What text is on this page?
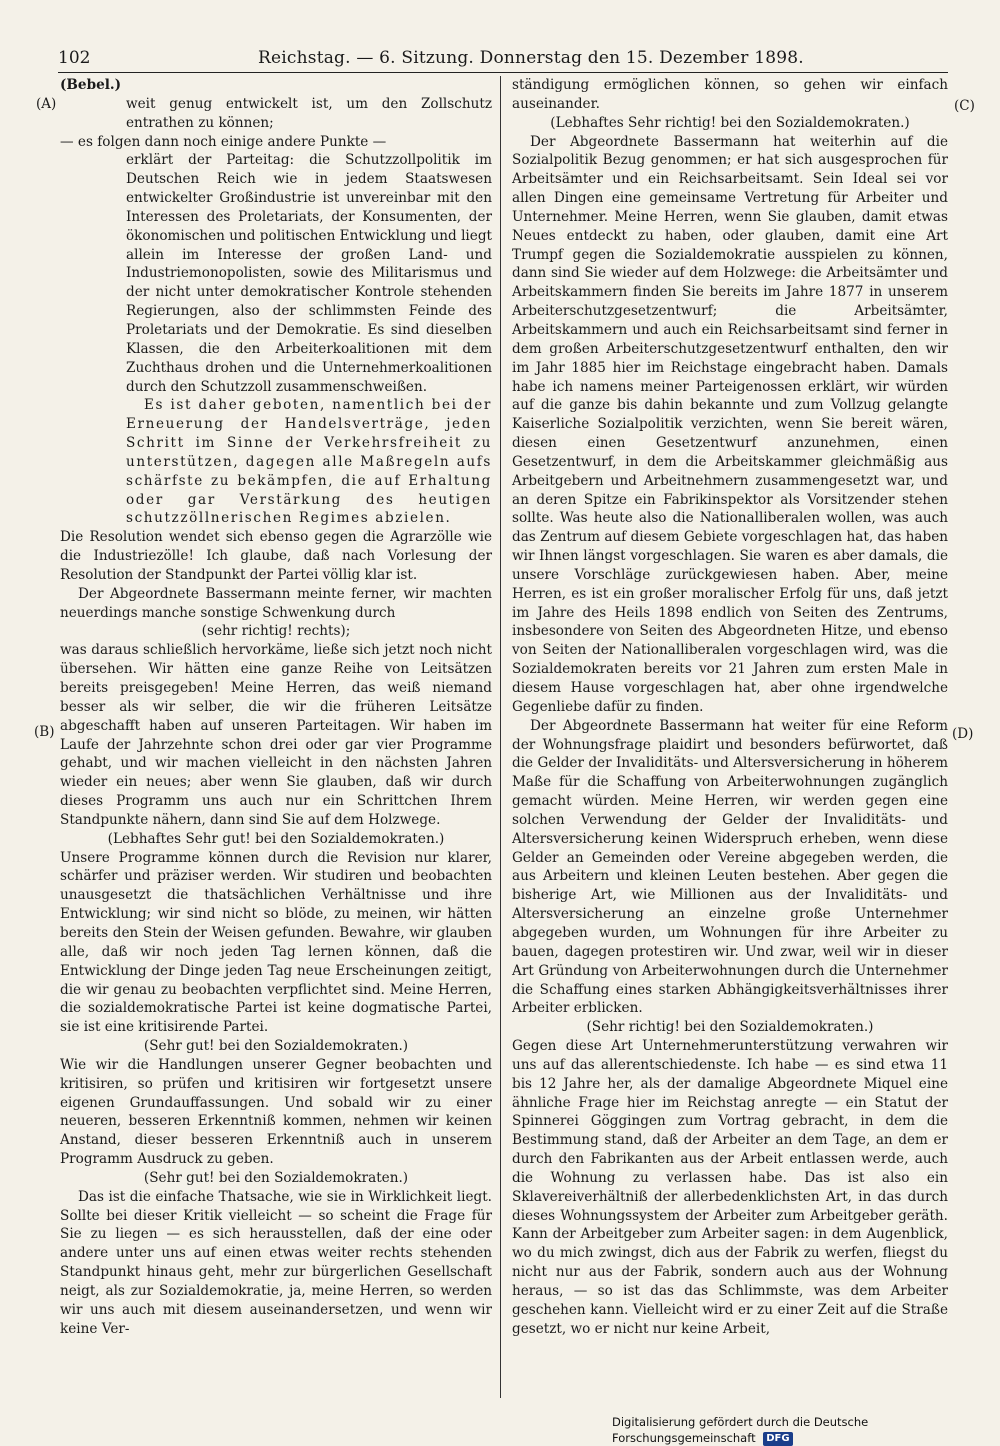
102	Reichstag. — 6. Sitzung. Donnerstag den 15. Dezember 1898.
(A)
(B)
(C)
(D)

(Bebel.)

weit genug entwickelt ist, um den Zollschutz entrathen zu können;

— es folgen dann noch einige andere Punkte —

erklärt der Parteitag: die Schutzzollpolitik im Deutschen Reich wie in jedem Staatswesen entwickelter Großindustrie ist unvereinbar mit den Interessen des Proletariats, der Konsumenten, der ökonomischen und politischen Entwicklung und liegt allein im Interesse der großen Land- und Industriemonopolisten, sowie des Militarismus und der nicht unter demokratischer Kontrole stehenden Regierungen, also der schlimmsten Feinde des Proletariats und der Demokratie. Es sind dieselben Klassen, die den Arbeiterkoalitionen mit dem Zuchthaus drohen und die Unternehmerkoalitionen durch den Schutzzoll zusammenschweißen.

Es ist daher geboten, namentlich bei der Erneuerung der Handelsverträge, jeden Schritt im Sinne der Verkehrsfreiheit zu unterstützen, dagegen alle Maßregeln aufs schärfste zu bekämpfen, die auf Erhaltung oder gar Verstärkung des heutigen schutzzöllnerischen Regimes abzielen.

Die Resolution wendet sich ebenso gegen die Agrarzölle wie die Industriezölle! Ich glaube, daß nach Vorlesung der Resolution der Standpunkt der Partei völlig klar ist.

Der Abgeordnete Bassermann meinte ferner, wir machten neuerdings manche sonstige Schwenkung durch

(sehr richtig! rechts);

was daraus schließlich hervorkäme, ließe sich jetzt noch nicht übersehen. Wir hätten eine ganze Reihe von Leitsätzen bereits preisgegeben! Meine Herren, das weiß niemand besser als wir selber, die wir die früheren Leitsätze abgeschafft haben auf unseren Parteitagen. Wir haben im Laufe der Jahrzehnte schon drei oder gar vier Programme gehabt, und wir machen vielleicht in den nächsten Jahren wieder ein neues; aber wenn Sie glauben, daß wir durch dieses Programm uns auch nur ein Schrittchen Ihrem Standpunkte nähern, dann sind Sie auf dem Holzwege.

(Lebhaftes Sehr gut! bei den Sozialdemokraten.)

Unsere Programme können durch die Revision nur klarer, schärfer und präziser werden. Wir studiren und beobachten unausgesetzt die thatsächlichen Verhältnisse und ihre Entwicklung; wir sind nicht so blöde, zu meinen, wir hätten bereits den Stein der Weisen gefunden. Bewahre, wir glauben alle, daß wir noch jeden Tag lernen können, daß die Entwicklung der Dinge jeden Tag neue Erscheinungen zeitigt, die wir genau zu beobachten verpflichtet sind. Meine Herren, die sozialdemokratische Partei ist keine dogmatische Partei, sie ist eine kritisirende Partei.

(Sehr gut! bei den Sozialdemokraten.)

Wie wir die Handlungen unserer Gegner beobachten und kritisiren, so prüfen und kritisiren wir fortgesetzt unsere eigenen Grundauffassungen. Und sobald wir zu einer neueren, besseren Erkenntniß kommen, nehmen wir keinen Anstand, dieser besseren Erkenntniß auch in unserem Programm Ausdruck zu geben.

(Sehr gut! bei den Sozialdemokraten.)

Das ist die einfache Thatsache, wie sie in Wirklichkeit liegt. Sollte bei dieser Kritik vielleicht — so scheint die Frage für Sie zu liegen — es sich herausstellen, daß der eine oder andere unter uns auf einen etwas weiter rechts stehenden Standpunkt hinaus geht, mehr zur bürgerlichen Gesellschaft neigt, als zur Sozialdemokratie, ja, meine Herren, so werden wir uns auch mit diesem auseinandersetzen, und wenn wir keine Ver-

ständigung ermöglichen können, so gehen wir einfach auseinander.

(Lebhaftes Sehr richtig! bei den Sozialdemokraten.)

Der Abgeordnete Bassermann hat weiterhin auf die Sozialpolitik Bezug genommen; er hat sich ausgesprochen für Arbeitsämter und ein Reichsarbeitsamt. Sein Ideal sei vor allen Dingen eine gemeinsame Vertretung für Arbeiter und Unternehmer. Meine Herren, wenn Sie glauben, damit etwas Neues entdeckt zu haben, oder glauben, damit eine Art Trumpf gegen die Sozialdemokratie ausspielen zu können, dann sind Sie wieder auf dem Holzwege: die Arbeitsämter und Arbeitskammern finden Sie bereits im Jahre 1877 in unserem Arbeiterschutzgesetzentwurf; die Arbeitsämter, Arbeitskammern und auch ein Reichsarbeitsamt sind ferner in dem großen Arbeiterschutzgesetzentwurf enthalten, den wir im Jahr 1885 hier im Reichstage eingebracht haben. Damals habe ich namens meiner Parteigenossen erklärt, wir würden auf die ganze bis dahin bekannte und zum Vollzug gelangte Kaiserliche Sozialpolitik verzichten, wenn Sie bereit wären, diesen einen Gesetzentwurf anzunehmen, einen Gesetzentwurf, in dem die Arbeitskammer gleichmäßig aus Arbeitgebern und Arbeitnehmern zusammengesetzt war, und an deren Spitze ein Fabrikinspektor als Vorsitzender stehen sollte. Was heute also die Nationalliberalen wollen, was auch das Zentrum auf diesem Gebiete vorgeschlagen hat, das haben wir Ihnen längst vorgeschlagen. Sie waren es aber damals, die unsere Vorschläge zurückgewiesen haben. Aber, meine Herren, es ist ein großer moralischer Erfolg für uns, daß jetzt im Jahre des Heils 1898 endlich von Seiten des Zentrums, insbesondere von Seiten des Abgeordneten Hitze, und ebenso von Seiten der Nationalliberalen vorgeschlagen wird, was die Sozialdemokraten bereits vor 21 Jahren zum ersten Male in diesem Hause vorgeschlagen hat, aber ohne irgendwelche Gegenliebe dafür zu finden.

Der Abgeordnete Bassermann hat weiter für eine Reform der Wohnungsfrage plaidirt und besonders befürwortet, daß die Gelder der Invaliditäts- und Altersversicherung in höherem Maße für die Schaffung von Arbeiterwohnungen zugänglich gemacht würden. Meine Herren, wir werden gegen eine solchen Verwendung der Gelder der Invaliditäts- und Altersversicherung keinen Widerspruch erheben, wenn diese Gelder an Gemeinden oder Vereine abgegeben werden, die aus Arbeitern und kleinen Leuten bestehen. Aber gegen die bisherige Art, wie Millionen aus der Invaliditäts- und Altersversicherung an einzelne große Unternehmer abgegeben wurden, um Wohnungen für ihre Arbeiter zu bauen, dagegen protestiren wir. Und zwar, weil wir in dieser Art Gründung von Arbeiterwohnungen durch die Unternehmer die Schaffung eines starken Abhängigkeitsverhältnisses ihrer Arbeiter erblicken.

(Sehr richtig! bei den Sozialdemokraten.)

Gegen diese Art Unternehmerunterstützung verwahren wir uns auf das allerentschiedenste. Ich habe — es sind etwa 11 bis 12 Jahre her, als der damalige Abgeordnete Miquel eine ähnliche Frage hier im Reichstag anregte — ein Statut der Spinnerei Göggingen zum Vortrag gebracht, in dem die Bestimmung stand, daß der Arbeiter an dem Tage, an dem er durch den Fabrikanten aus der Arbeit entlassen werde, auch die Wohnung zu verlassen habe. Das ist also ein Sklavereiverhältniß der allerbedenklichsten Art, in das durch dieses Wohnungssystem der Arbeiter zum Arbeitgeber geräth. Kann der Arbeitgeber zum Arbeiter sagen: in dem Augenblick, wo du mich zwingst, dich aus der Fabrik zu werfen, fliegst du nicht nur aus der Fabrik, sondern auch aus der Wohnung heraus, — so ist das das Schlimmste, was dem Arbeiter geschehen kann. Vielleicht wird er zu einer Zeit auf die Straße gesetzt, wo er nicht nur keine Arbeit,

Digitalisierung gefördert durch die Deutsche Forschungsgemeinschaft DFG
